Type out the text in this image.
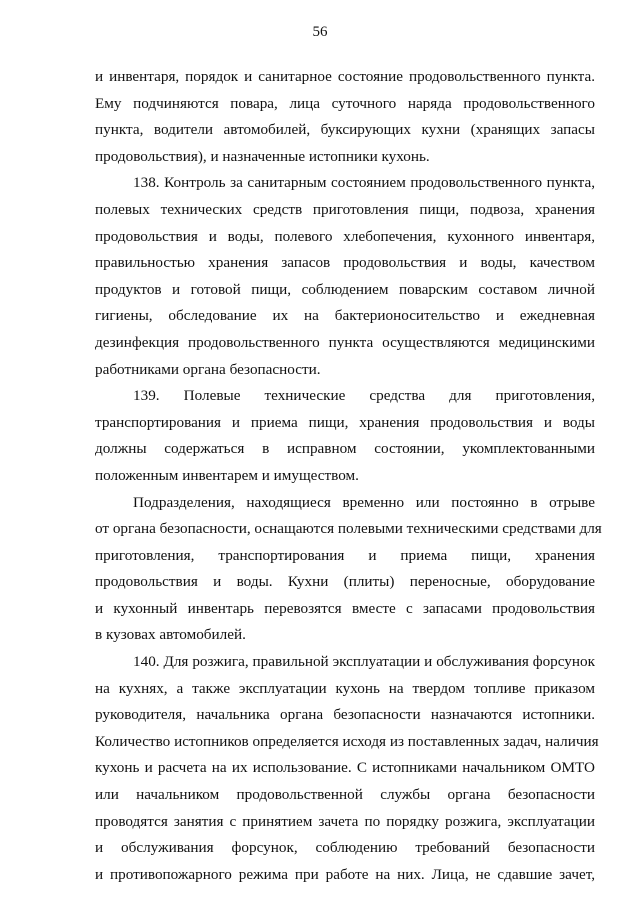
56
и инвентаря, порядок и санитарное состояние продовольственного пункта.
Ему подчиняются повара, лица суточного наряда продовольственного
пункта, водители автомобилей, буксирующих кухни (хранящих запасы
продовольствия), и назначенные истопники кухонь.
138. Контроль за санитарным состоянием продовольственного пункта,
полевых технических средств приготовления пищи, подвоза, хранения
продовольствия и воды, полевого хлебопечения, кухонного инвентаря,
правильностью хранения запасов продовольствия и воды, качеством
продуктов и готовой пищи, соблюдением поварским составом личной
гигиены, обследование их на бактерионосительство и ежедневная
дезинфекция продовольственного пункта осуществляются медицинскими
работниками органа безопасности.
139. Полевые технические средства для приготовления,
транспортирования и приема пищи, хранения продовольствия и воды
должны содержаться в исправном состоянии, укомплектованными
положенным инвентарем и имуществом.
Подразделения, находящиеся временно или постоянно в отрыве
от органа безопасности, оснащаются полевыми техническими средствами для
приготовления, транспортирования и приема пищи, хранения
продовольствия и воды. Кухни (плиты) переносные, оборудование
и кухонный инвентарь перевозятся вместе с запасами продовольствия
в кузовах автомобилей.
140. Для розжига, правильной эксплуатации и обслуживания форсунок
на кухнях, а также эксплуатации кухонь на твердом топливе приказом
руководителя, начальника органа безопасности назначаются истопники.
Количество истопников определяется исходя из поставленных задач, наличия
кухонь и расчета на их использование. С истопниками начальником ОМТО
или начальником продовольственной службы органа безопасности
проводятся занятия с принятием зачета по порядку розжига, эксплуатации
и обслуживания форсунок, соблюдению требований безопасности
и противопожарного режима при работе на них. Лица, не сдавшие зачет,
